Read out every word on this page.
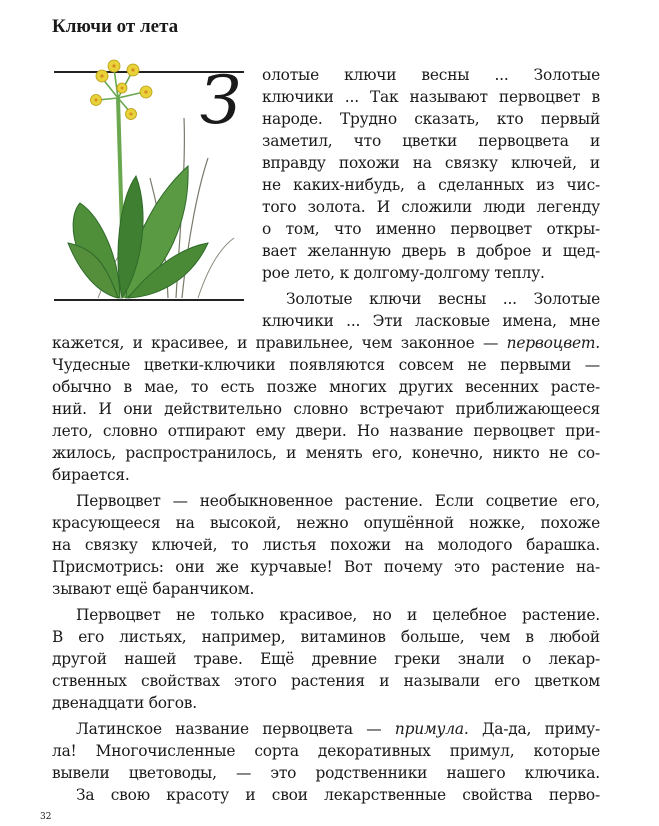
Ключи от лета
З олотые ключи весны ... Золотые
ключики ... Так называют первоцвет в
народе. Трудно сказать, кто первый
заметил, что цветки первоцвета и
вправду похожи на связку ключей, и
не каких-нибудь, а сделанных из чис-
того золота. И сложили люди легенду
о том, что именно первоцвет откры-
вает желанную дверь в доброе и щед-
рое лето, к долгому-долгому теплу.
Золотые ключи весны ... Золотые
ключики ... Эти ласковые имена, мне
кажется, и красивее, и правильнее, чем законное — первоцвет.
Чудесные цветки-ключики появляются совсем не первыми —
обычно в мае, то есть позже многих других весенних расте-
ний. И они действительно словно встречают приближающееся
лето, словно отпирают ему двери. Но название первоцвет при-
жилось, распространилось, и менять его, конечно, никто не со-
бирается.
Первоцвет — необыкновенное растение. Если соцветие его,
красующееся на высокой, нежно опушённой ножке, похоже
на связку ключей, то листья похожи на молодого барашка.
Присмотрись: они же курчавые! Вот почему это растение на-
зывают ещё баранчиком.
Первоцвет не только красивое, но и целебное растение.
В его листьях, например, витаминов больше, чем в любой
другой нашей траве. Ещё древние греки знали о лекар-
ственных свойствах этого растения и называли его цветком
двенадцати богов.
Латинское название первоцвета — примула. Да-да, приму-
ла! Многочисленные сорта декоративных примул, которые
вывели цветоводы, — это родственники нашего ключика.
За свою красоту и свои лекарственные свойства перво-
32
